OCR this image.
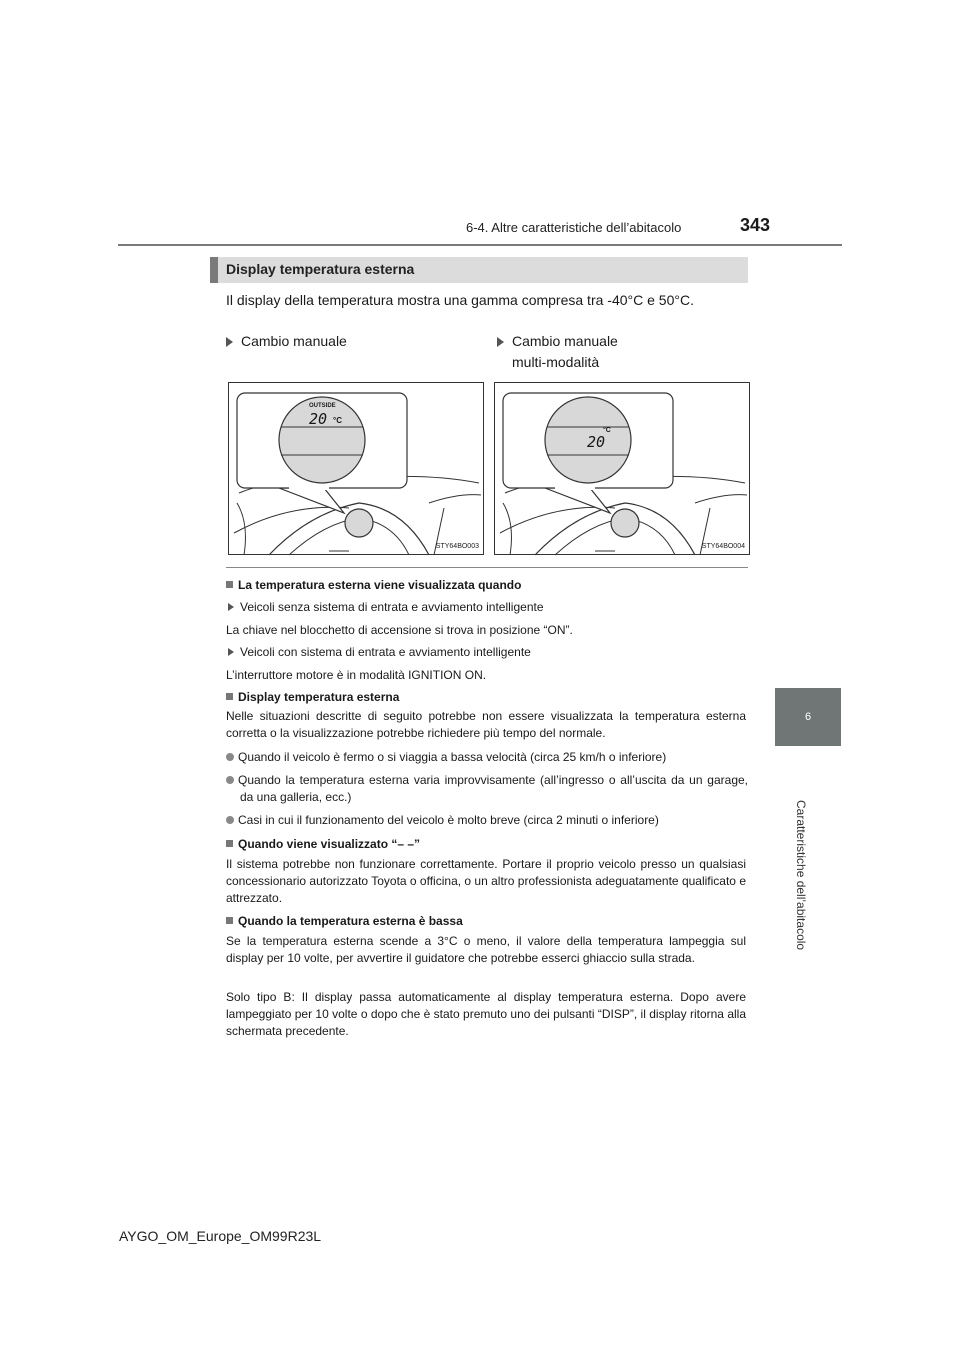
6-4. Altre caratteristiche dell’abitacolo	343
6
Caratteristiche dell’abitacolo
Display temperatura esterna
Il display della temperatura mostra una gamma compresa tra -40°C e 50°C.
Cambio manuale	Cambio manuale
multi-modalità
OUTSIDE
20 °C
STY64BO003
°C
20
STY64BO004
La temperatura esterna viene visualizzata quando
Veicoli senza sistema di entrata e avviamento intelligente
La chiave nel blocchetto di accensione si trova in posizione “ON”.
Veicoli con sistema di entrata e avviamento intelligente
L’interruttore motore è in modalità IGNITION ON.
Display temperatura esterna
Nelle situazioni descritte di seguito potrebbe non essere visualizzata la temperatura esterna corretta o la visualizzazione potrebbe richiedere più tempo del normale.
Quando il veicolo è fermo o si viaggia a bassa velocità (circa 25 km/h o inferiore)
Quando la temperatura esterna varia improvvisamente (all’ingresso o all’uscita da un garage, da una galleria, ecc.)
Casi in cui il funzionamento del veicolo è molto breve (circa 2 minuti o inferiore)
Quando viene visualizzato “– –”
Il sistema potrebbe non funzionare correttamente. Portare il proprio veicolo presso un qualsiasi concessionario autorizzato Toyota o officina, o un altro professionista adeguatamente qualificato e attrezzato.
Quando la temperatura esterna è bassa
Se la temperatura esterna scende a 3°C o meno, il valore della temperatura lampeggia sul display per 10 volte, per avvertire il guidatore che potrebbe esserci ghiaccio sulla strada.
Solo tipo B: Il display passa automaticamente al display temperatura esterna. Dopo avere lampeggiato per 10 volte o dopo che è stato premuto uno dei pulsanti “DISP”, il display ritorna alla schermata precedente.
AYGO_OM_Europe_OM99R23L
